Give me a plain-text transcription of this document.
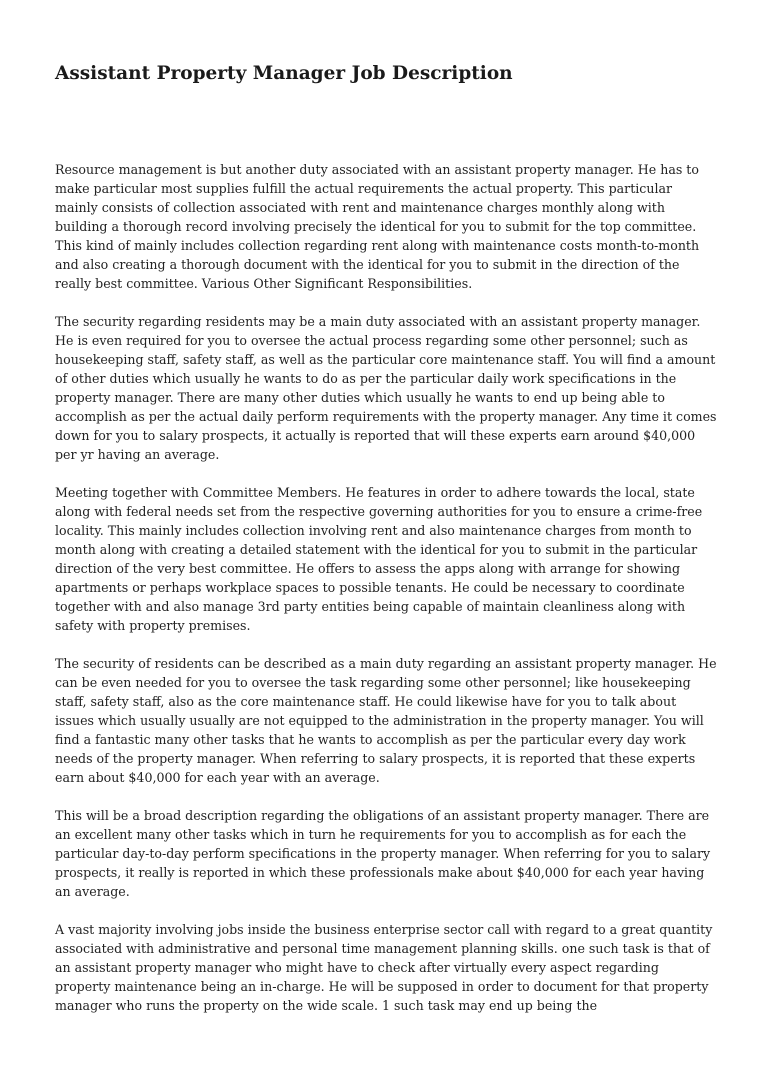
Assistant Property Manager Job Description

Resource management is but another duty associated with an assistant property manager. He has to make particular most supplies fulfill the actual requirements the actual property. This particular mainly consists of collection associated with rent and maintenance charges monthly along with building a thorough record involving precisely the identical for you to submit for the top committee. This kind of mainly includes collection regarding rent along with maintenance costs month-to-month and also creating a thorough document with the identical for you to submit in the direction of the really best committee. Various Other Significant Responsibilities.

The security regarding residents may be a main duty associated with an assistant property manager. He is even required for you to oversee the actual process regarding some other personnel; such as housekeeping staff, safety staff, as well as the particular core maintenance staff. You will find a amount of other duties which usually he wants to do as per the particular daily work specifications in the property manager. There are many other duties which usually he wants to end up being able to accomplish as per the actual daily perform requirements with the property manager. Any time it comes down for you to salary prospects, it actually is reported that will these experts earn around $40,000 per yr having an average.

Meeting together with Committee Members. He features in order to adhere towards the local, state along with federal needs set from the respective governing authorities for you to ensure a crime-free locality. This mainly includes collection involving rent and also maintenance charges from month to month along with creating a detailed statement with the identical for you to submit in the particular direction of the very best committee. He offers to assess the apps along with arrange for showing apartments or perhaps workplace spaces to possible tenants. He could be necessary to coordinate together with and also manage 3rd party entities being capable of maintain cleanliness along with safety with property premises.

The security of residents can be described as a main duty regarding an assistant property manager. He can be even needed for you to oversee the task regarding some other personnel; like housekeeping staff, safety staff, also as the core maintenance staff. He could likewise have for you to talk about issues which usually usually are not equipped to the administration in the property manager. You will find a fantastic many other tasks that he wants to accomplish as per the particular every day work needs of the property manager. When referring to salary prospects, it is reported that these experts earn about $40,000 for each year with an average.

This will be a broad description regarding the obligations of an assistant property manager. There are an excellent many other tasks which in turn he requirements for you to accomplish as for each the particular day-to-day perform specifications in the property manager. When referring for you to salary prospects, it really is reported in which these professionals make about $40,000 for each year having an average.

A vast majority involving jobs inside the business enterprise sector call with regard to a great quantity associated with administrative and personal time management planning skills. one such task is that of an assistant property manager who might have to check after virtually every aspect regarding property maintenance being an in-charge. He will be supposed in order to document for that property manager who runs the property on the wide scale. 1 such task may end up being the
